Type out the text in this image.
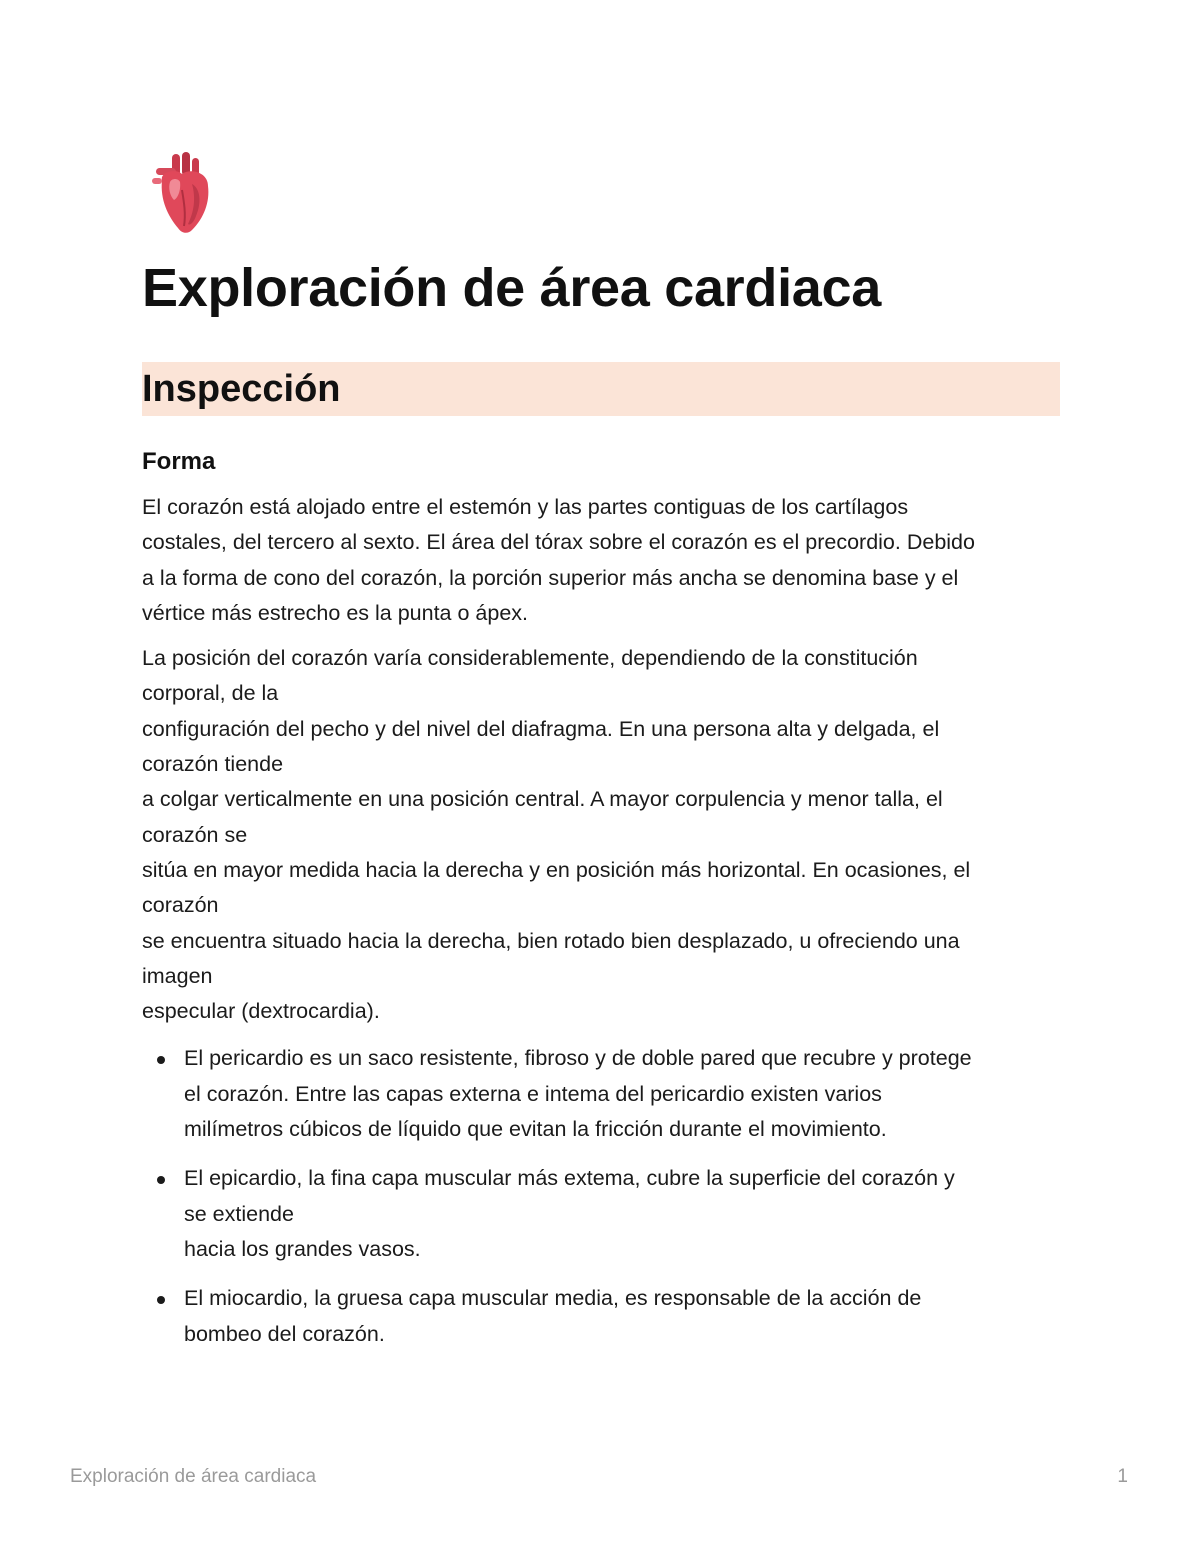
Exploración de área cardiaca
Inspección
Forma

El corazón está alojado entre el estemón y las partes contiguas de los cartílagos
costales, del tercero al sexto. El área del tórax sobre el corazón es el precordio. Debido
a la forma de cono del corazón, la porción superior más ancha se denomina base y el
vértice más estrecho es la punta o ápex.

La posición del corazón varía considerablemente, dependiendo de la constitución
corporal, de la
configuración del pecho y del nivel del diafragma. En una persona alta y delgada, el
corazón tiende
a colgar verticalmente en una posición central. A mayor corpulencia y menor talla, el
corazón se
sitúa en mayor medida hacia la derecha y en posición más horizontal. En ocasiones, el
corazón
se encuentra situado hacia la derecha, bien rotado bien desplazado, u ofreciendo una
imagen
especular (dextrocardia).

El pericardio es un saco resistente, fibroso y de doble pared que recubre y protege
el corazón. Entre las capas externa e intema del pericardio existen varios
milímetros cúbicos de líquido que evitan la fricción durante el movimiento.
El epicardio, la fina capa muscular más extema, cubre la superficie del corazón y
se extiende
hacia los grandes vasos.
El miocardio, la gruesa capa muscular media, es responsable de la acción de
bombeo del corazón.
Exploración de área cardiaca	1
